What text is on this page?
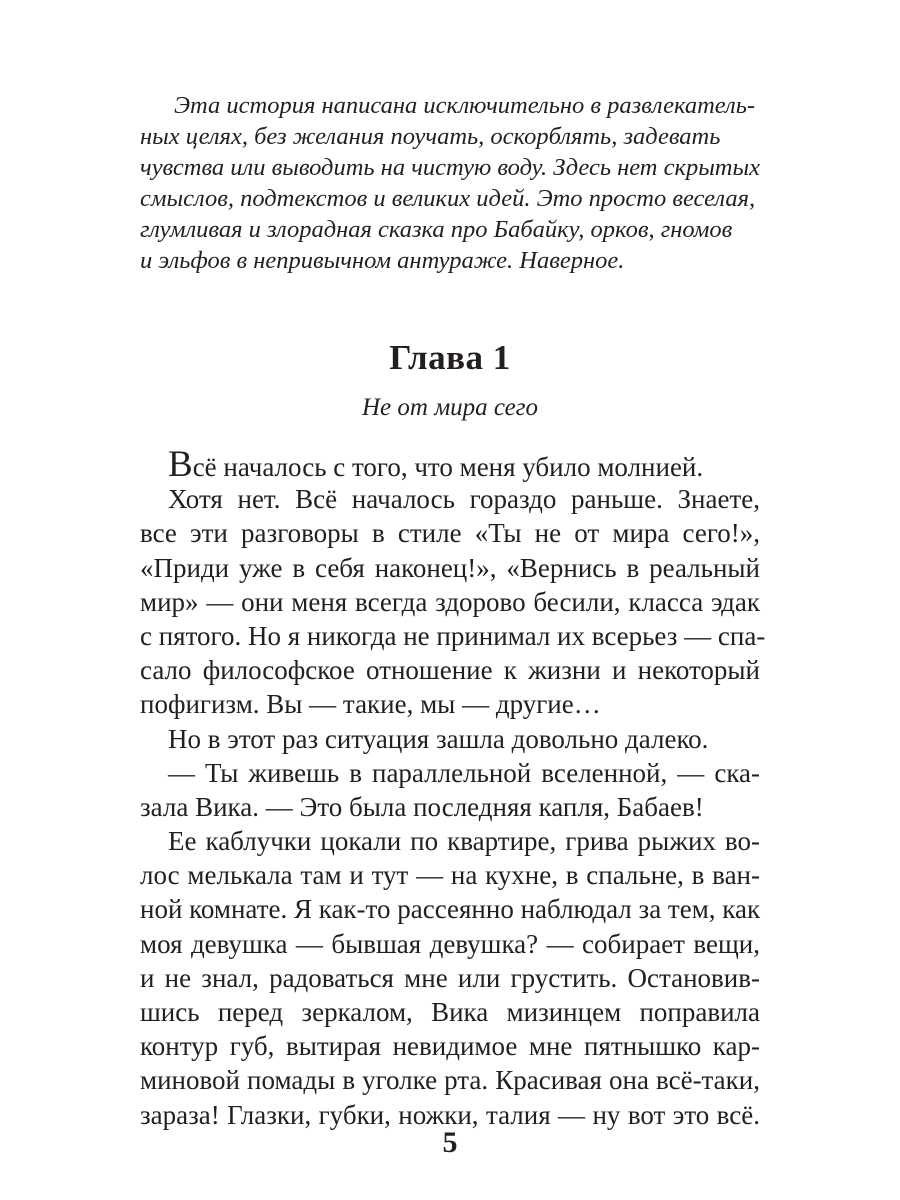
Эта история написана исключительно в развлекатель-
ных целях, без желания поучать, оскорблять, задевать
чувства или выводить на чистую воду. Здесь нет скрытых
смыслов, подтекстов и великих идей. Это просто веселая,
глумливая и злорадная сказка про Бабайку, орков, гномов
и эльфов в непривычном антураже. Наверное.
Глава 1
Не от мира сего
Всё началось с того, что меня убило молнией.
Хотя нет. Всё началось гораздо раньше. Знаете,
все эти разговоры в стиле «Ты не от мира сего!»,
«Приди уже в себя наконец!», «Вернись в реальный
мир» — они меня всегда здорово бесили, класса эдак
с пятого. Но я никогда не принимал их всерьез — спа-
сало философское отношение к жизни и некоторый
пофигизм. Вы — такие, мы — другие…
Но в этот раз ситуация зашла довольно далеко.
— Ты живешь в параллельной вселенной, — ска-
зала Вика. — Это была последняя капля, Бабаев!
Ее каблучки цокали по квартире, грива рыжих во-
лос мелькала там и тут — на кухне, в спальне, в ван-
ной комнате. Я как-то рассеянно наблюдал за тем, как
моя девушка — бывшая девушка? — собирает вещи,
и не знал, радоваться мне или грустить. Остановив-
шись перед зеркалом, Вика мизинцем поправила
контур губ, вытирая невидимое мне пятнышко кар-
миновой помады в уголке рта. Красивая она всё-таки,
зараза! Глазки, губки, ножки, талия — ну вот это всё.
5
